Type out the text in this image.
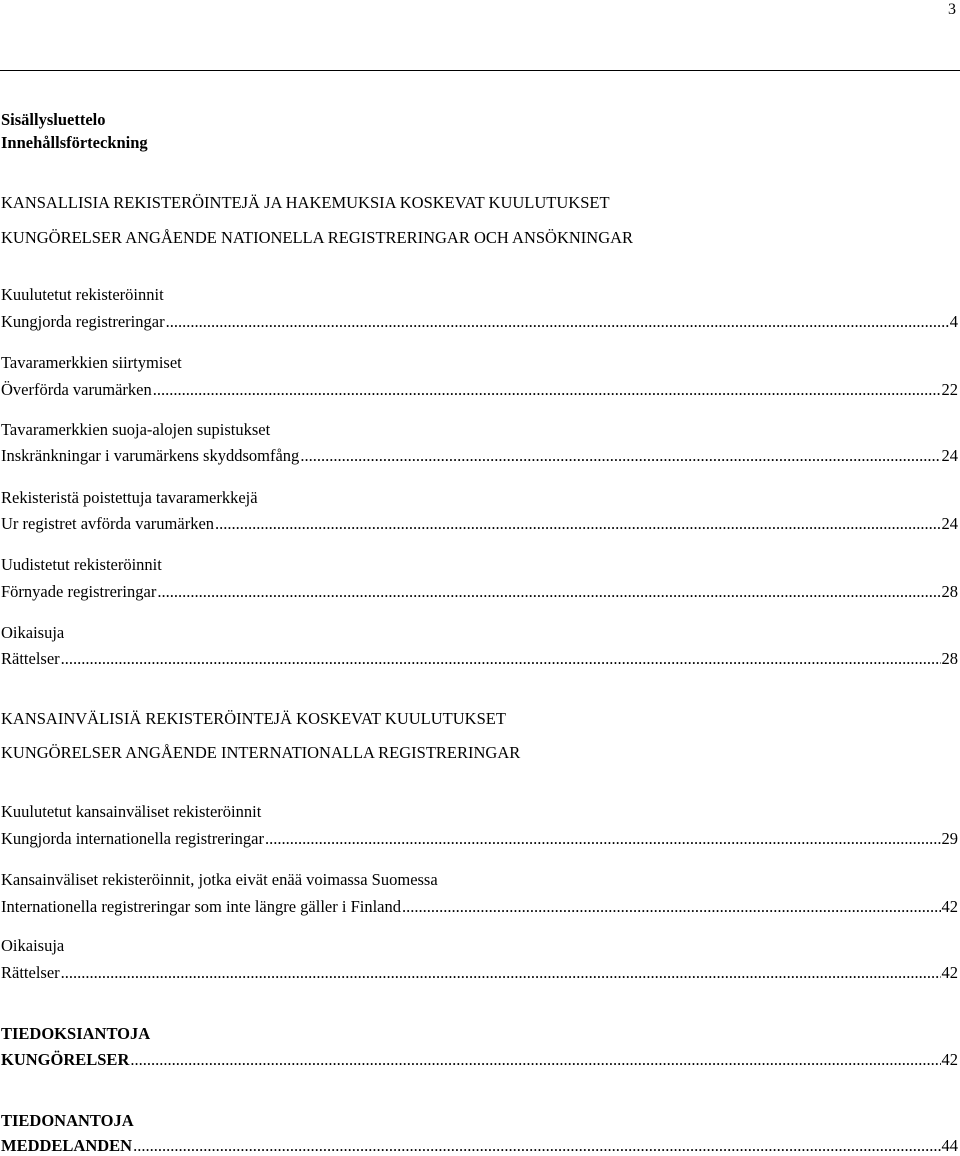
3
Sisällysluettelo
Innehållsförteckning
KANSALLISIA REKISTERÖINTEJÄ JA HAKEMUKSIA KOSKEVAT KUULUTUKSET
KUNGÖRELSER ANGÅENDE NATIONELLA REGISTRERINGAR OCH ANSÖKNINGAR
Kuulutetut rekisteröinnit
Kungjorda registreringar .....	4
Tavaramerkkien siirtymiset
Överförda varumärken .....	22
Tavaramerkkien suoja-alojen supistukset
Inskränkningar i varumärkens skyddsomfång .....	24
Rekisteristä poistettuja tavaramerkkejä
Ur registret avförda varumärken .....	24
Uudistetut rekisteröinnit
Förnyade registreringar .....	28
Oikaisuja
Rättelser .....	28
KANSAINVÄLISIÄ REKISTERÖINTEJÄ KOSKEVAT KUULUTUKSET
KUNGÖRELSER ANGÅENDE INTERNATIONALLA REGISTRERINGAR
Kuulutetut kansainväliset rekisteröinnit
Kungjorda internationella registreringar .....	29
Kansainväliset rekisteröinnit, jotka eivät enää voimassa Suomessa
Internationella registreringar som inte längre gäller i Finland .....	42
Oikaisuja
Rättelser .....	42
TIEDOKSIANTOJA
KUNGÖRELSER .....	42
TIEDONANTOJA
MEDDELANDEN .....	44
